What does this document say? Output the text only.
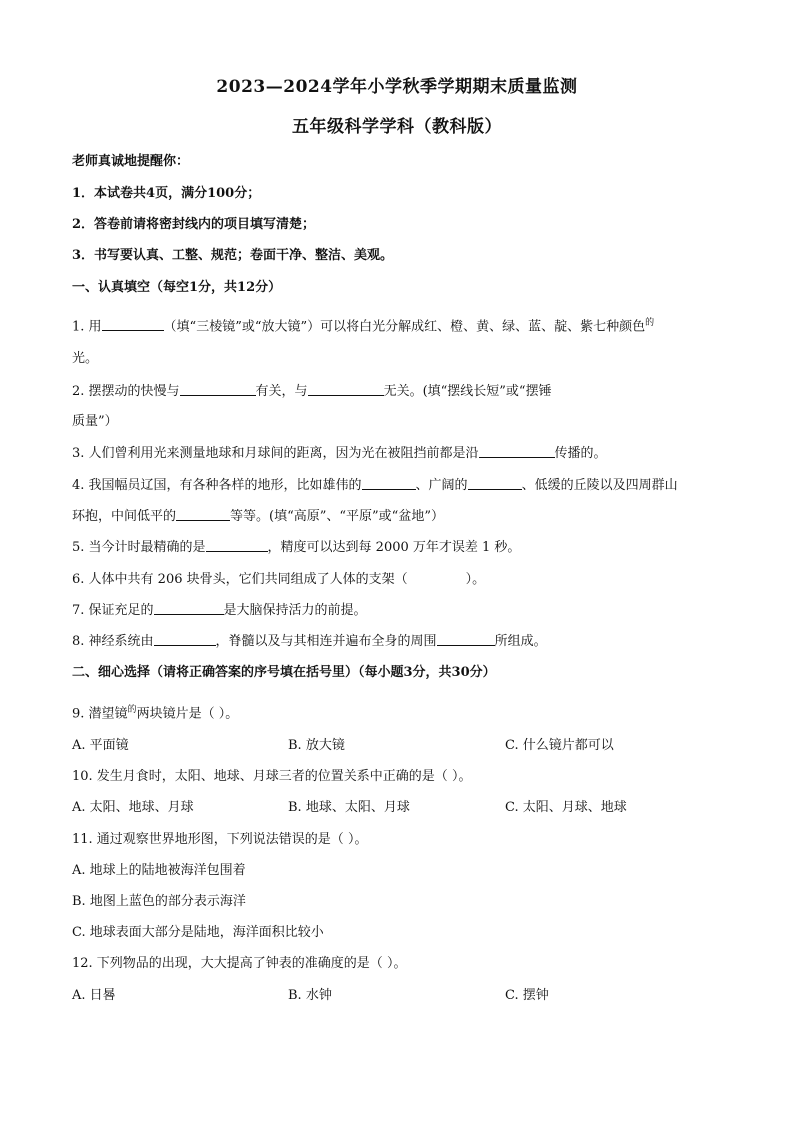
2023—2024学年小学秋季学期期末质量监测
五年级科学学科（教科版）
老师真诚地提醒你：
1．本试卷共4页，满分100分；
2．答卷前请将密封线内的项目填写清楚；
3．书写要认真、工整、规范；卷面干净、整洁、美观。
一、认真填空（每空1分，共12分）
1. 用	（填“三棱镜”或“放大镜”）可以将白光分解成红、橙、黄、绿、蓝、靛、紫七种颜色$^的$
光。
2. 摆摆动的快慢与	有关，与	无关。(填“摆线长短”或“摆锤
质量”）
3. 人们曾利用光来测量地球和月球间的距离，因为光在被阻挡前都是沿	传播的。
4. 我国幅员辽国，有各种各样的地形，比如雄伟的	、广阔的	、低缓的丘陵以及四周群山
环抱，中间低平的	等等。(填“高原”、“平原”或“盆地”）
5. 当今计时最精确的是	，精度可以达到每 2000 万年才误差 1 秒。
6. 人体中共有 206 块骨头，它们共同组成了人体的支架（	）。
7. 保证充足的	是大脑保持活力的前提。
8. 神经系统由	，脊髓以及与其相连并遍布全身的周围	所组成。
二、细心选择（请将正确答案的序号填在括号里）（每小题3分，共30分）
9. 潜望镜$^的$两块镜片是（ ）。
A. 平面镜	B. 放大镜	C. 什么镜片都可以
10. 发生月食时，太阳、地球、月球三者的位置关系中正确的是（ ）。
A. 太阳、地球、月球	B. 地球、太阳、月球	C. 太阳、月球、地球
11. 通过观察世界地形图，下列说法错误的是（ ）。
A. 地球上的陆地被海洋包围着
B. 地图上蓝色的部分表示海洋
C. 地球表面大部分是陆地，海洋面积比较小
12. 下列物品的出现，大大提高了钟表的准确度的是（ ）。
A. 日晷	B. 水钟	C. 摆钟
